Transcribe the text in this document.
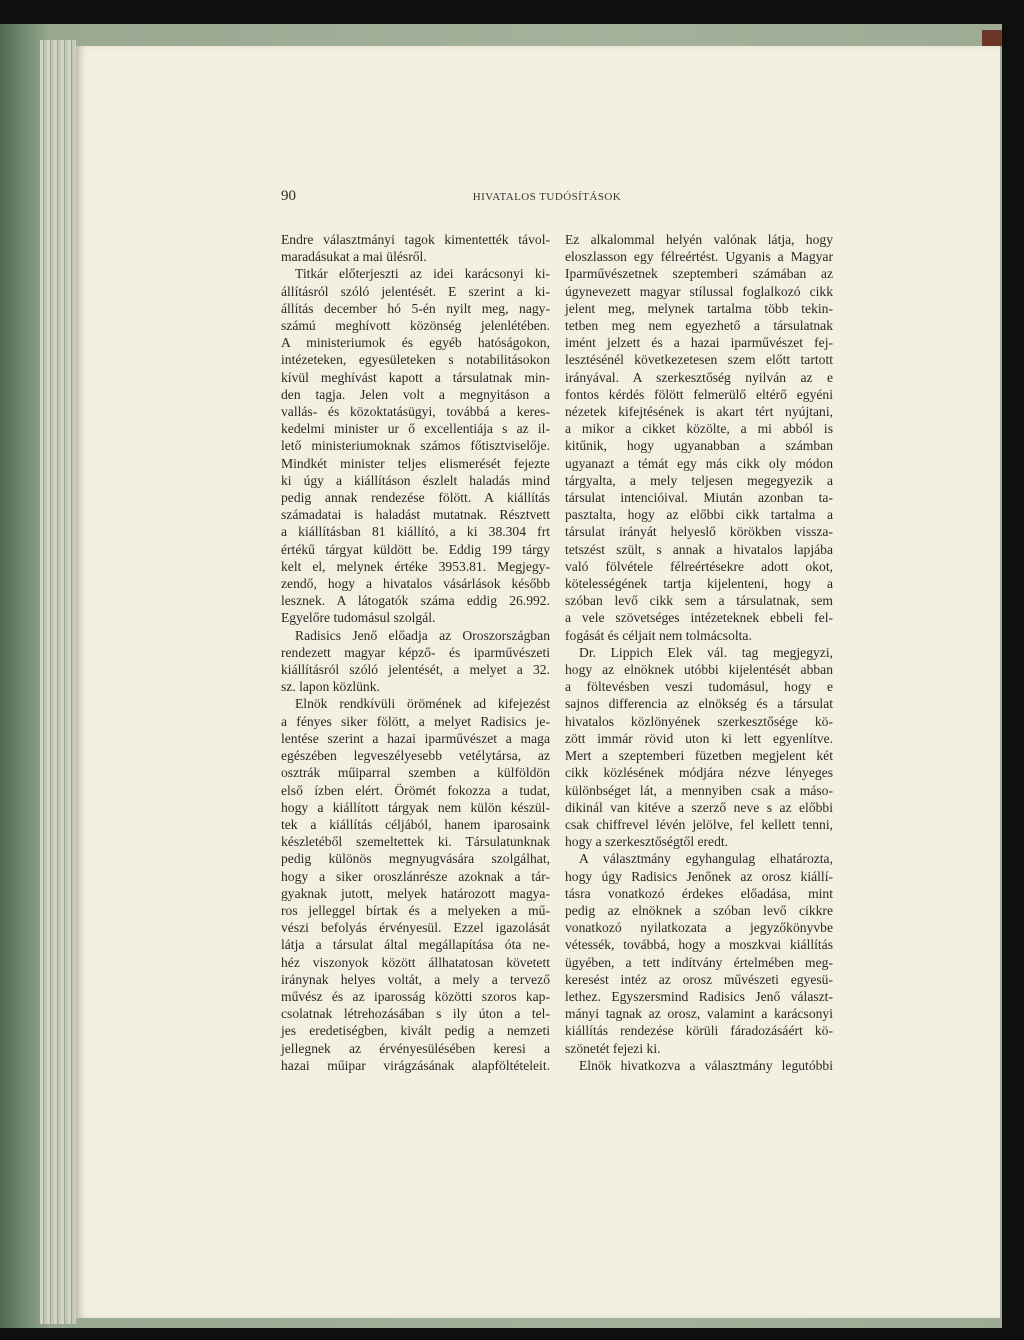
90	HIVATALOS TUDÓSÍTÁSOK
Endre választmányi tagok kimentették távol-
maradásukat a mai ülésről.
Titkár előterjeszti az idei karácsonyi ki-
állításról szóló jelentését. E szerint a ki-
állítás december hó 5-én nyilt meg, nagy-
számú meghívott közönség jelenlétében.
A ministeriumok és egyéb hatóságokon,
intézeteken, egyesületeken s notabilitásokon
kívül meghívást kapott a társulatnak min-
den tagja. Jelen volt a megnyitáson a
vallás- és közoktatásügyi, továbbá a keres-
kedelmi minister ur ő excellentiája s az il-
lető ministeriumoknak számos főtisztviselője.
Mindkét minister teljes elismerését fejezte
ki úgy a kiállításon észlelt haladás mind
pedig annak rendezése fölött. A kiállítás
számadatai is haladást mutatnak. Résztvett
a kiállításban 81 kiállító, a ki 38.304 frt
értékű tárgyat küldött be. Eddig 199 tárgy
kelt el, melynek értéke 3953.81. Megjegy-
zendő, hogy a hivatalos vásárlások később
lesznek. A látogatók száma eddig 26.992.
Egyelőre tudomásul szolgál.
Radisics Jenő előadja az Oroszországban
rendezett magyar képző- és iparművészeti
kiállításról szóló jelentését, a melyet a 32.
sz. lapon közlünk.
Elnök rendkívüli örömének ad kifejezést
a fényes siker fölött, a melyet Radisics je-
lentése szerint a hazai iparművészet a maga
egészében legveszélyesebb vetélytársa, az
osztrák műiparral szemben a külföldön
első ízben elért. Örömét fokozza a tudat,
hogy a kiállított tárgyak nem külön készül-
tek a kiállítás céljából, hanem iparosaink
készletéből szemeltettek ki. Társulatunknak
pedig különös megnyugvására szolgálhat,
hogy a siker oroszlánrésze azoknak a tár-
gyaknak jutott, melyek határozott magya-
ros jelleggel bírtak és a melyeken a mű-
vészi befolyás érvényesül. Ezzel igazolását
látja a társulat által megállapítása óta ne-
héz viszonyok között állhatatosan követett
iránynak helyes voltát, a mely a tervező
művész és az iparosság közötti szoros kap-
csolatnak létrehozásában s ily úton a tel-
jes eredetiségben, kivált pedig a nemzeti
jellegnek az érvényesülésében keresi a
hazai műipar virágzásának alapföltételeit.
Ez alkalommal helyén valónak látja, hogy
eloszlasson egy félreértést. Ugyanis a Magyar
Iparművészetnek szeptemberi számában az
úgynevezett magyar stílussal foglalkozó cikk
jelent meg, melynek tartalma több tekin-
tetben meg nem egyezhető a társulatnak
imént jelzett és a hazai iparművészet fej-
lesztésénél következetesen szem előtt tartott
irányával. A szerkesztőség nyilván az e
fontos kérdés fölött felmerülő eltérő egyéni
nézetek kifejtésének is akart tért nyújtani,
a mikor a cikket közölte, a mi abból is
kitűnik, hogy ugyanabban a számban
ugyanazt a témát egy más cikk oly módon
tárgyalta, a mely teljesen megegyezik a
társulat intencióival. Miután azonban ta-
pasztalta, hogy az előbbi cikk tartalma a
társulat irányát helyeslő körökben vissza-
tetszést szült, s annak a hivatalos lapjába
való fölvétele félreértésekre adott okot,
kötelességének tartja kijelenteni, hogy a
szóban levő cikk sem a társulatnak, sem
a vele szövetséges intézeteknek ebbeli fel-
fogását és céljait nem tolmácsolta.
Dr. Lippich Elek vál. tag megjegyzi,
hogy az elnöknek utóbbi kijelentését abban
a föltevésben veszi tudomásul, hogy e
sajnos differencia az elnökség és a társulat
hivatalos közlönyének szerkesztősége kö-
zött immár rövid uton ki lett egyenlítve.
Mert a szeptemberi füzetben megjelent két
cikk közlésének módjára nézve lényeges
különbséget lát, a mennyiben csak a máso-
dikinál van kitéve a szerző neve s az előbbi
csak chiffrevel lévén jelölve, fel kellett tenni,
hogy a szerkesztőségtől eredt.
A választmány egyhangulag elhatározta,
hogy úgy Radisics Jenőnek az orosz kiállí-
tásra vonatkozó érdekes előadása, mint
pedig az elnöknek a szóban levő cikkre
vonatkozó nyilatkozata a jegyzőkönyvbe
vétessék, továbbá, hogy a moszkvai kiállítás
ügyében, a tett indítvány értelmében meg-
keresést intéz az orosz művészeti egyesü-
lethez. Egyszersmind Radisics Jenő választ-
mányi tagnak az orosz, valamint a karácsonyi
kiállítás rendezése körüli fáradozásáért kö-
szönetét fejezi ki.
Elnök hivatkozva a választmány legutóbbi
